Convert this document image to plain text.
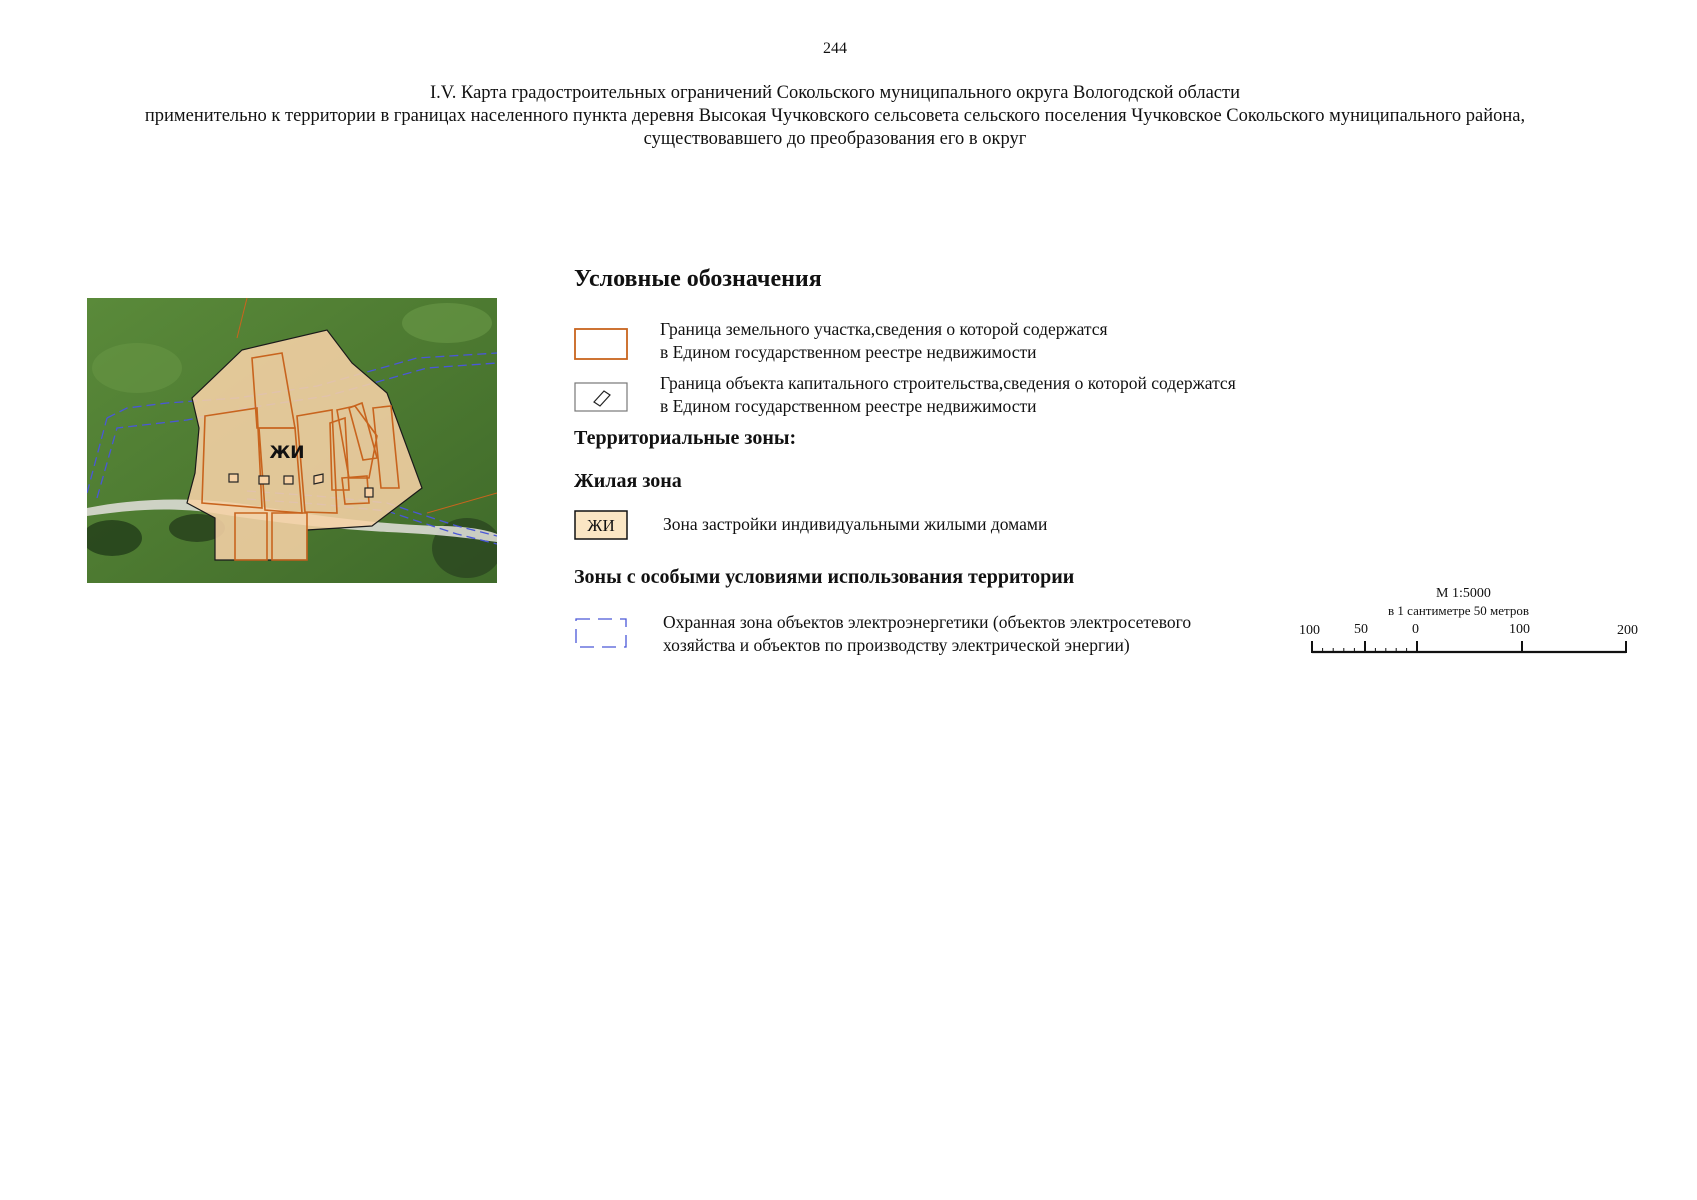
244
I.V. Карта градостроительных ограничений Сокольского муниципального округа Вологодской области
применительно к территории в границах населенного пункта деревня Высокая Чучковского сельсовета сельского поселения Чучковское Сокольского муниципального района,
существовавшего до преобразования его в округ
ЖИ
Условные обозначения
Граница земельного участка,сведения о которой содержатся
в Едином государственном реестре недвижимости
Граница объекта капитального строительства,сведения о которой содержатся
в Едином государственном реестре недвижимости
Территориальные зоны:
Жилая зона
ЖИ	Зона застройки индивидуальными жилыми домами
Зоны с особыми условиями использования территории
Охранная зона объектов электроэнергетики (объектов электросетевого
хозяйства и объектов по производству электрической энергии)
М 1:5000
в 1 сантиметре 50 метров
100 50	0	100	200
